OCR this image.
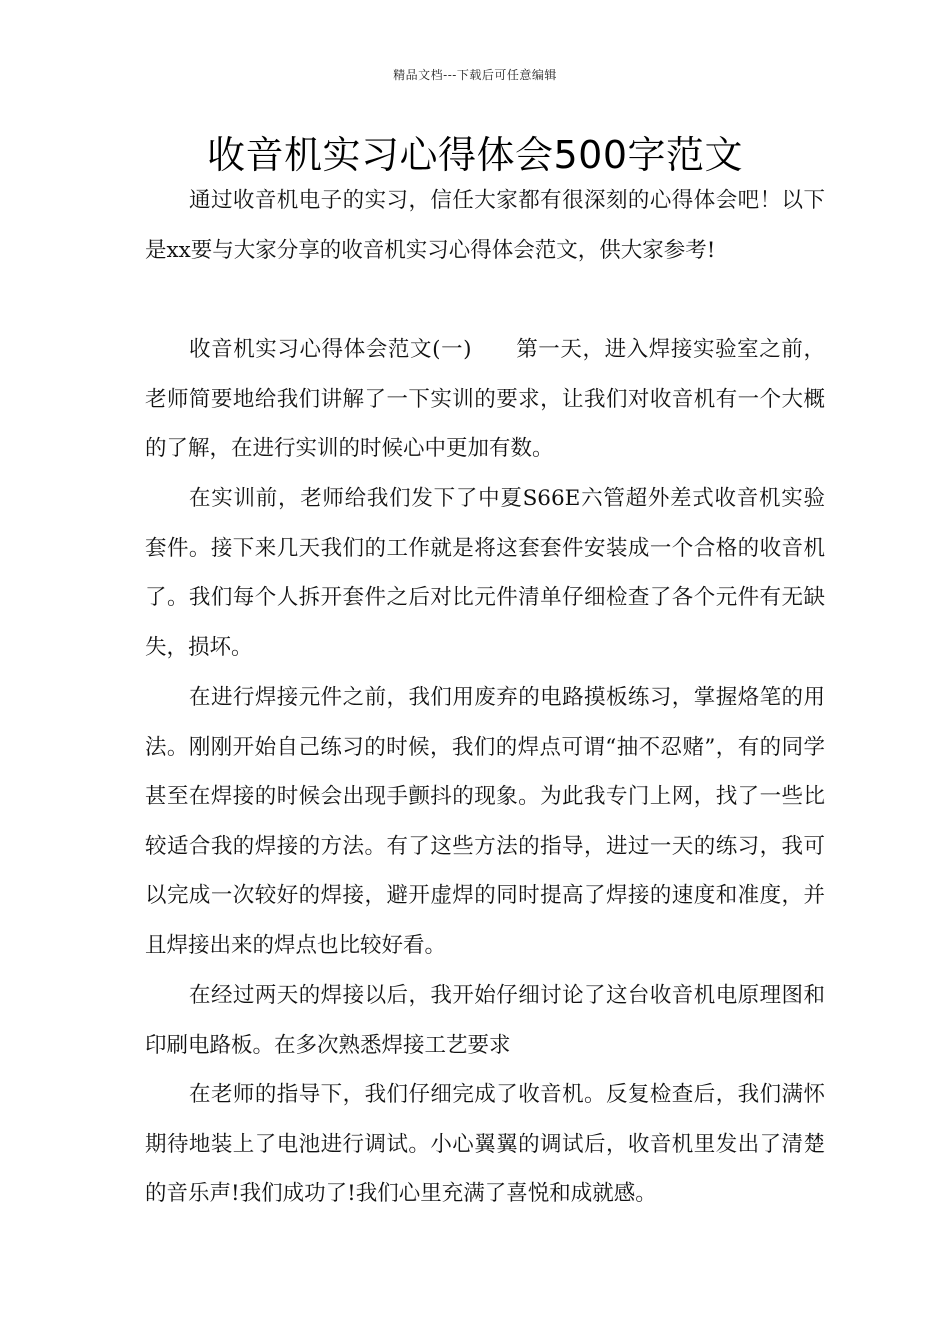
精品文档---下载后可任意编辑
收音机实习心得体会500字范文

通过收音机电子的实习，信任大家都有很深刻的心得体会吧！以下是xx要与大家分享的收音机实习心得体会范文，供大家参考!

收音机实习心得体会范文(一) 第一天，进入焊接实验室之前，老师简要地给我们讲解了一下实训的要求，让我们对收音机有一个大概的了解，在进行实训的时候心中更加有数。

在实训前，老师给我们发下了中夏S66E六管超外差式收音机实验套件。接下来几天我们的工作就是将这套套件安装成一个合格的收音机了。我们每个人拆开套件之后对比元件清单仔细检查了各个元件有无缺失，损坏。

在进行焊接元件之前，我们用废弃的电路摸板练习，掌握烙笔的用法。刚刚开始自己练习的时候，我们的焊点可谓“抽不忍赌”，有的同学甚至在焊接的时候会出现手颤抖的现象。为此我专门上网，找了一些比较适合我的焊接的方法。有了这些方法的指导，进过一天的练习，我可以完成一次较好的焊接，避开虚焊的同时提高了焊接的速度和准度，并且焊接出来的焊点也比较好看。

在经过两天的焊接以后，我开始仔细讨论了这台收音机电原理图和印刷电路板。在多次熟悉焊接工艺要求

在老师的指导下，我们仔细完成了收音机。反复检查后，我们满怀期待地装上了电池进行调试。小心翼翼的调试后，收音机里发出了清楚的音乐声!我们成功了!我们心里充满了喜悦和成就感。
